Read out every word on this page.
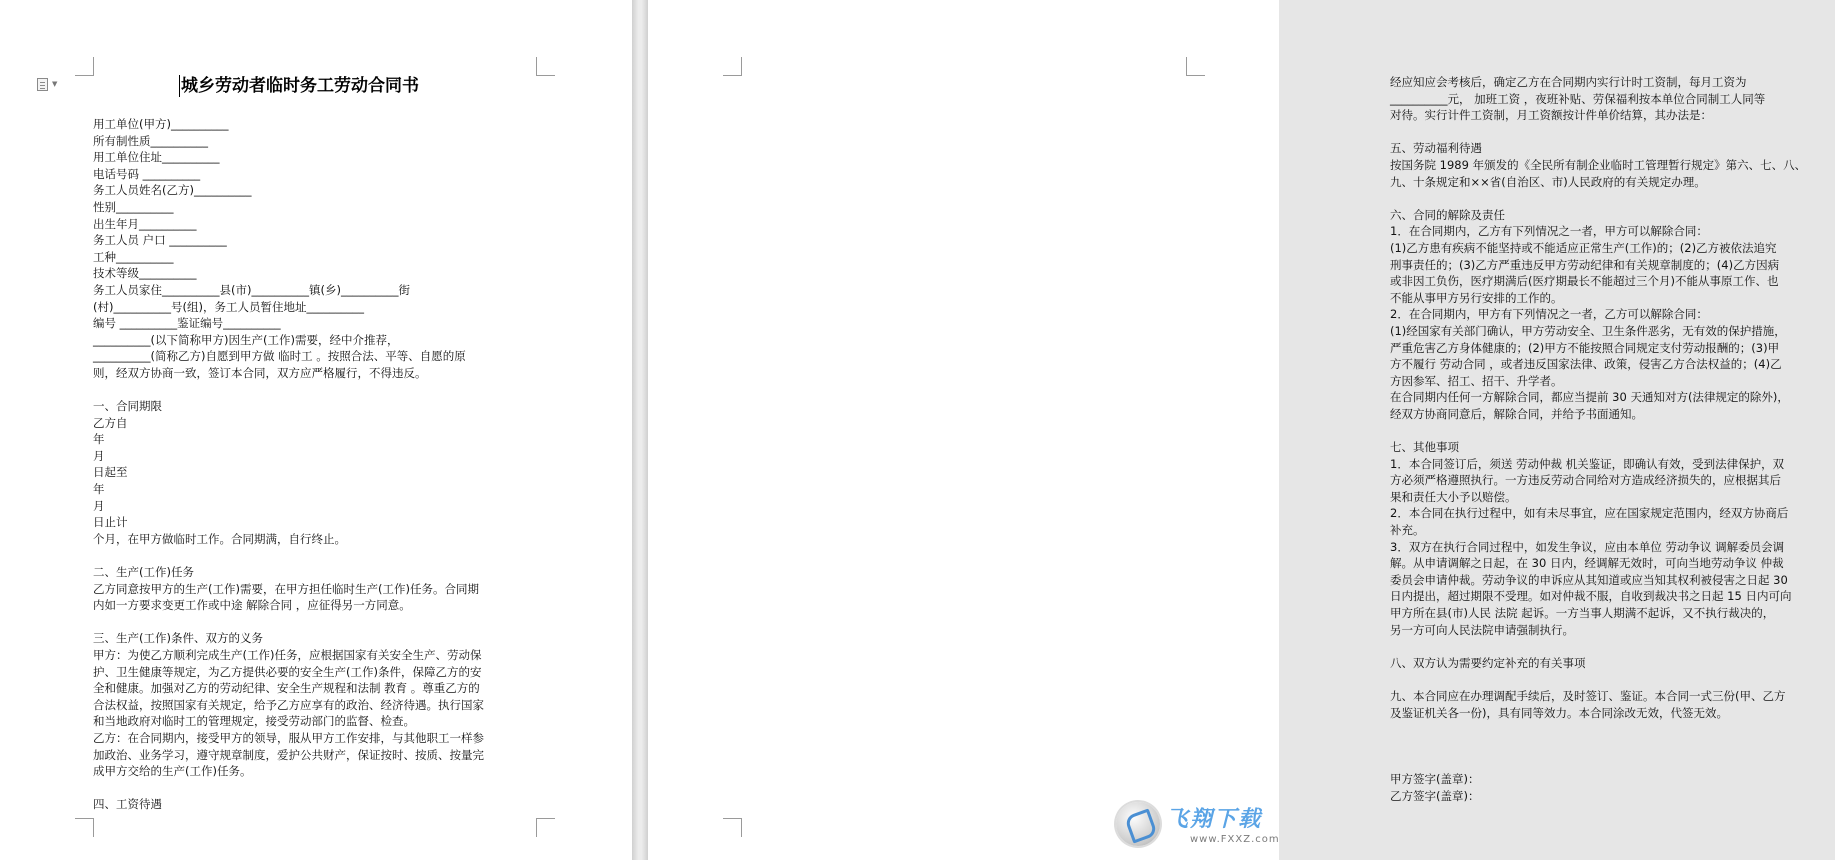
▼	城乡劳动者临时务工劳动合同书

用工单位(甲方)__________

所有制性质__________

用工单位住址__________

电话号码 __________

务工人员姓名(乙方)__________

性别__________

出生年月__________

务工人员 户口 __________

工种__________

技术等级__________

务工人员家住__________县(市)__________镇(乡)__________街

(村)__________号(组)，务工人员暂住地址__________

编号 __________鉴证编号__________

__________(以下简称甲方)因生产(工作)需要，经中介推荐，

__________(简称乙方)自愿到甲方做 临时工 。按照合法、平等、自愿的原

则，经双方协商一致，签订本合同，双方应严格履行，不得违反。

一、合同期限

乙方自

年

月

日起至

年

月

日止计

个月，在甲方做临时工作。合同期满，自行终止。

二、生产(工作)任务

乙方同意按甲方的生产(工作)需要，在甲方担任临时生产(工作)任务。合同期

内如一方要求变更工作或中途 解除合同 ，应征得另一方同意。

三、生产(工作)条件、双方的义务

甲方：为使乙方顺利完成生产(工作)任务，应根据国家有关安全生产、劳动保

护、卫生健康等规定，为乙方提供必要的安全生产(工作)条件，保障乙方的安

全和健康。加强对乙方的劳动纪律、安全生产规程和法制 教育 。尊重乙方的

合法权益，按照国家有关规定，给予乙方应享有的政治、经济待遇。执行国家

和当地政府对临时工的管理规定，接受劳动部门的监督、检查。

乙方：在合同期内，接受甲方的领导，服从甲方工作安排，与其他职工一样参

加政治、业务学习，遵守规章制度，爱护公共财产，保证按时、按质、按量完

成甲方交给的生产(工作)任务。

四、工资待遇

经应知应会考核后，确定乙方在合同期内实行计时工资制，每月工资为

__________元， 加班工资 ，夜班补贴、劳保福利按本单位合同制工人同等

对待。实行计件工资制，月工资额按计件单价结算，其办法是：

五、劳动福利待遇

按国务院 1989 年颁发的《全民所有制企业临时工管理暂行规定》第六、七、八、

九、十条规定和××省(自治区、市)人民政府的有关规定办理。

六、合同的解除及责任

1．在合同期内，乙方有下列情况之一者，甲方可以解除合同：

(1)乙方患有疾病不能坚持或不能适应正常生产(工作)的；(2)乙方被依法追究

刑事责任的；(3)乙方严重违反甲方劳动纪律和有关规章制度的；(4)乙方因病

或非因工负伤，医疗期满后(医疗期最长不能超过三个月)不能从事原工作、也

不能从事甲方另行安排的工作的。

2．在合同期内，甲方有下列情况之一者，乙方可以解除合同：

(1)经国家有关部门确认，甲方劳动安全、卫生条件恶劣，无有效的保护措施，

严重危害乙方身体健康的；(2)甲方不能按照合同规定支付劳动报酬的；(3)甲

方不履行 劳动合同 ，或者违反国家法律、政策，侵害乙方合法权益的；(4)乙

方因参军、招工、招干、升学者。

在合同期内任何一方解除合同，都应当提前 30 天通知对方(法律规定的除外)，

经双方协商同意后，解除合同，并给予书面通知。

七、其他事项

1．本合同签订后，须送 劳动仲裁 机关鉴证，即确认有效，受到法律保护，双

方必须严格遵照执行。一方违反劳动合同给对方造成经济损失的，应根据其后

果和责任大小予以赔偿。

2．本合同在执行过程中，如有未尽事宜，应在国家规定范围内，经双方协商后

补充。

3．双方在执行合同过程中，如发生争议，应由本单位 劳动争议 调解委员会调

解。从申请调解之日起，在 30 日内，经调解无效时，可向当地劳动争议 仲裁

委员会申请仲裁。劳动争议的申诉应从其知道或应当知其权利被侵害之日起 30

日内提出，超过期限不受理。如对仲裁不服，自收到裁决书之日起 15 日内可向

甲方所在县(市)人民 法院 起诉。一方当事人期满不起诉，又不执行裁决的，

另一方可向人民法院申请强制执行。

八、双方认为需要约定补充的有关事项

九、本合同应在办理调配手续后，及时签订、鉴证。本合同一式三份(甲、乙方

及鉴证机关各一份)，具有同等效力。本合同涂改无效，代签无效。

甲方签字(盖章)：

乙方签字(盖章)：

飞翔下载
www.FXXZ.com
